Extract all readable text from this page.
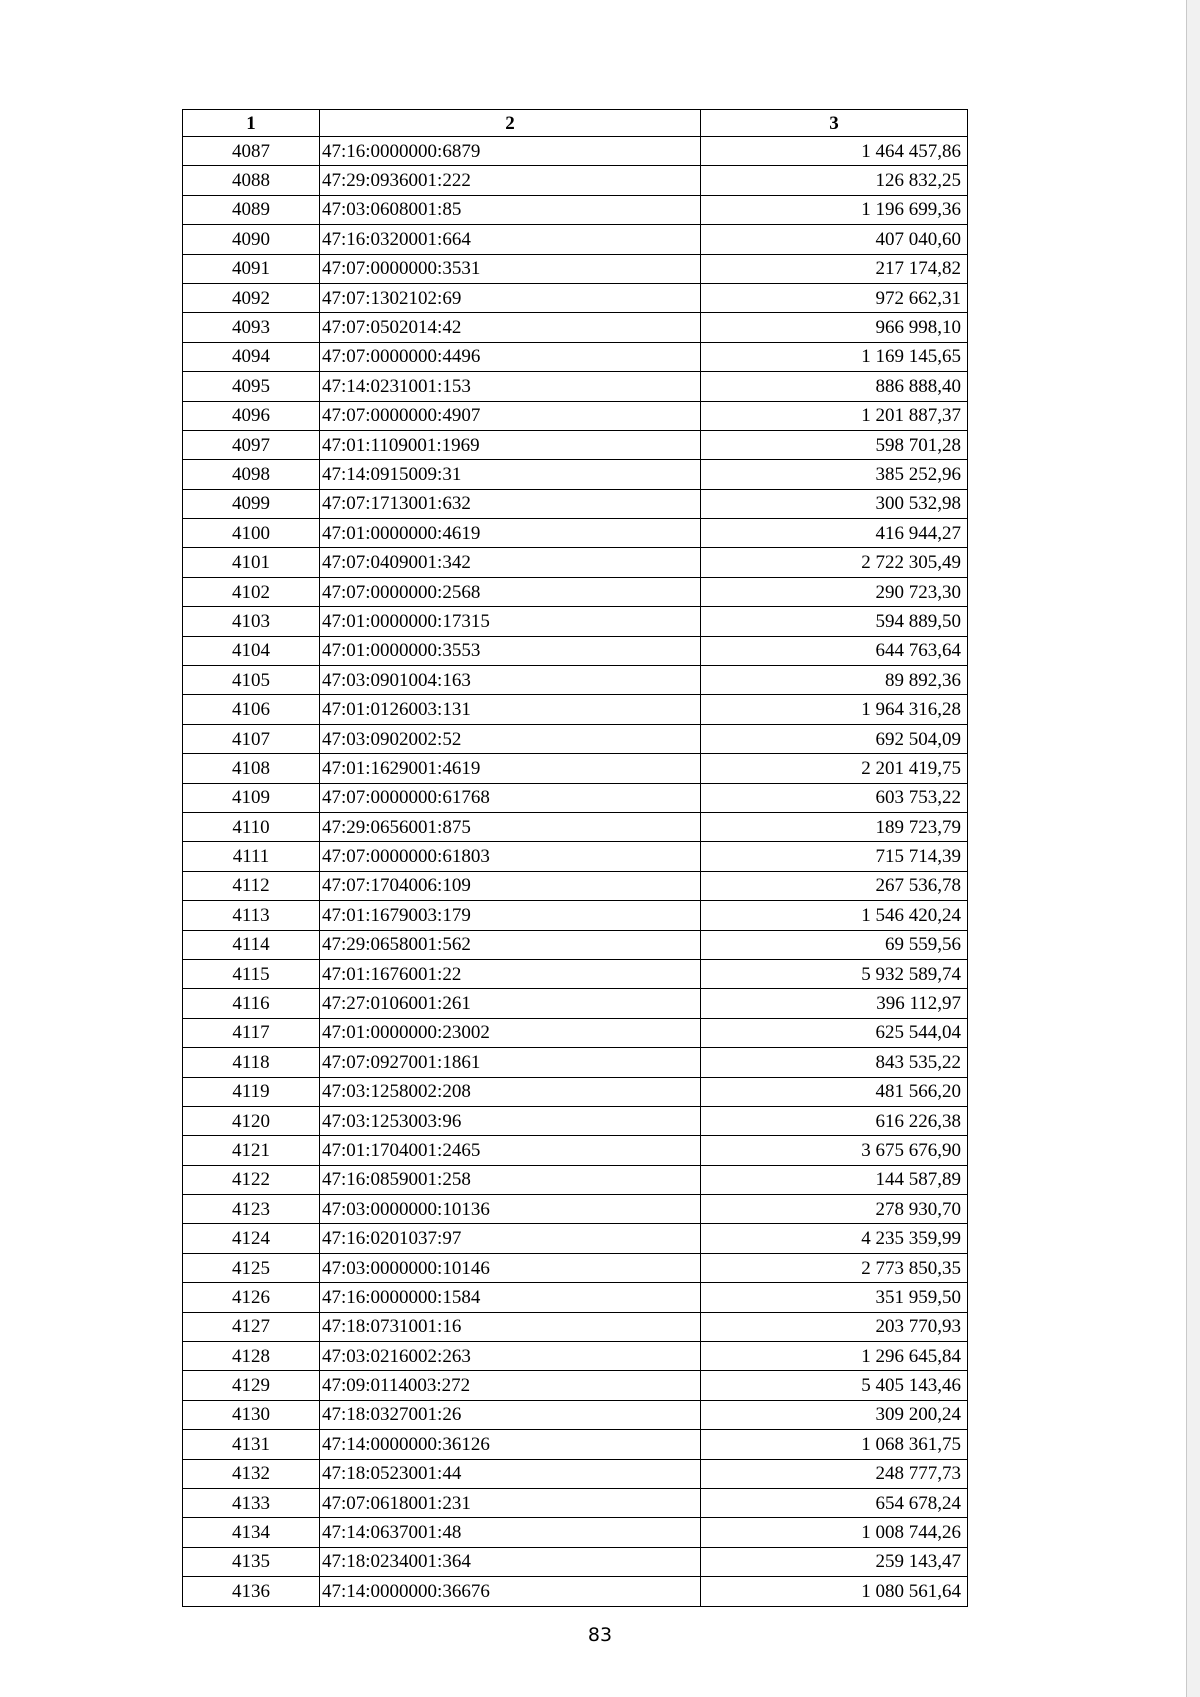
1	2	3
4087	47:16:0000000:6879	1 464 457,86
4088	47:29:0936001:222	126 832,25
4089	47:03:0608001:85	1 196 699,36
4090	47:16:0320001:664	407 040,60
4091	47:07:0000000:3531	217 174,82
4092	47:07:1302102:69	972 662,31
4093	47:07:0502014:42	966 998,10
4094	47:07:0000000:4496	1 169 145,65
4095	47:14:0231001:153	886 888,40
4096	47:07:0000000:4907	1 201 887,37
4097	47:01:1109001:1969	598 701,28
4098	47:14:0915009:31	385 252,96
4099	47:07:1713001:632	300 532,98
4100	47:01:0000000:4619	416 944,27
4101	47:07:0409001:342	2 722 305,49
4102	47:07:0000000:2568	290 723,30
4103	47:01:0000000:17315	594 889,50
4104	47:01:0000000:3553	644 763,64
4105	47:03:0901004:163	89 892,36
4106	47:01:0126003:131	1 964 316,28
4107	47:03:0902002:52	692 504,09
4108	47:01:1629001:4619	2 201 419,75
4109	47:07:0000000:61768	603 753,22
4110	47:29:0656001:875	189 723,79
4111	47:07:0000000:61803	715 714,39
4112	47:07:1704006:109	267 536,78
4113	47:01:1679003:179	1 546 420,24
4114	47:29:0658001:562	69 559,56
4115	47:01:1676001:22	5 932 589,74
4116	47:27:0106001:261	396 112,97
4117	47:01:0000000:23002	625 544,04
4118	47:07:0927001:1861	843 535,22
4119	47:03:1258002:208	481 566,20
4120	47:03:1253003:96	616 226,38
4121	47:01:1704001:2465	3 675 676,90
4122	47:16:0859001:258	144 587,89
4123	47:03:0000000:10136	278 930,70
4124	47:16:0201037:97	4 235 359,99
4125	47:03:0000000:10146	2 773 850,35
4126	47:16:0000000:1584	351 959,50
4127	47:18:0731001:16	203 770,93
4128	47:03:0216002:263	1 296 645,84
4129	47:09:0114003:272	5 405 143,46
4130	47:18:0327001:26	309 200,24
4131	47:14:0000000:36126	1 068 361,75
4132	47:18:0523001:44	248 777,73
4133	47:07:0618001:231	654 678,24
4134	47:14:0637001:48	1 008 744,26
4135	47:18:0234001:364	259 143,47
4136	47:14:0000000:36676	1 080 561,64
83
